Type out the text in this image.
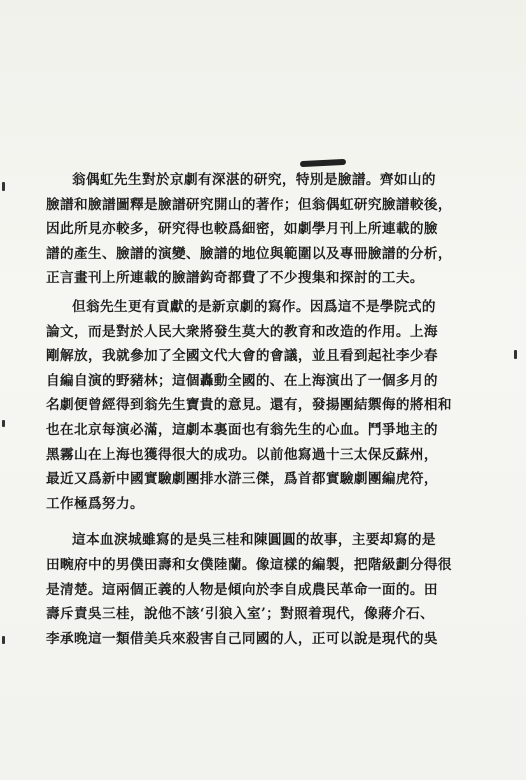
翁偶虹先生對於京劇有深湛的研究，特別是臉譜。齊如山的
臉譜和臉譜圖釋是臉譜研究開山的著作；但翁偶虹研究臉譜較後，
因此所見亦較多，研究得也較爲細密，如劇學月刊上所連載的臉
譜的產生、臉譜的演變、臉譜的地位與範圍以及專冊臉譜的分析，
正言畫刊上所連載的臉譜鈎奇都費了不少搜集和探討的工夫。
但翁先生更有貢獻的是新京劇的寫作。因爲這不是學院式的
論文，而是對於人民大衆將發生莫大的教育和改造的作用。上海
剛解放，我就參加了全國文代大會的會議，並且看到起社李少春
自編自演的野豬林；這個轟動全國的、在上海演出了一個多月的
名劇便曾經得到翁先生寶貴的意見。還有，發揚團結禦侮的將相和
也在北京每演必滿，這劇本裏面也有翁先生的心血。鬥爭地主的
黑霧山在上海也獲得很大的成功。以前他寫過十三太保反蘇州，
最近又爲新中國實驗劇團排水滸三傑，爲首都實驗劇團編虎符，
工作極爲努力。
這本血淚城雖寫的是吳三桂和陳圓圓的故事，主要却寫的是
田畹府中的男僕田壽和女僕陸蘭。像這樣的編製，把階級劃分得很
是清楚。這兩個正義的人物是傾向於李自成農民革命一面的。田
壽斥責吳三桂，說他不該‘引狼入室’；對照着現代，像蔣介石、
李承晚這一類借美兵來殺害自己同國的人，正可以說是現代的吳
